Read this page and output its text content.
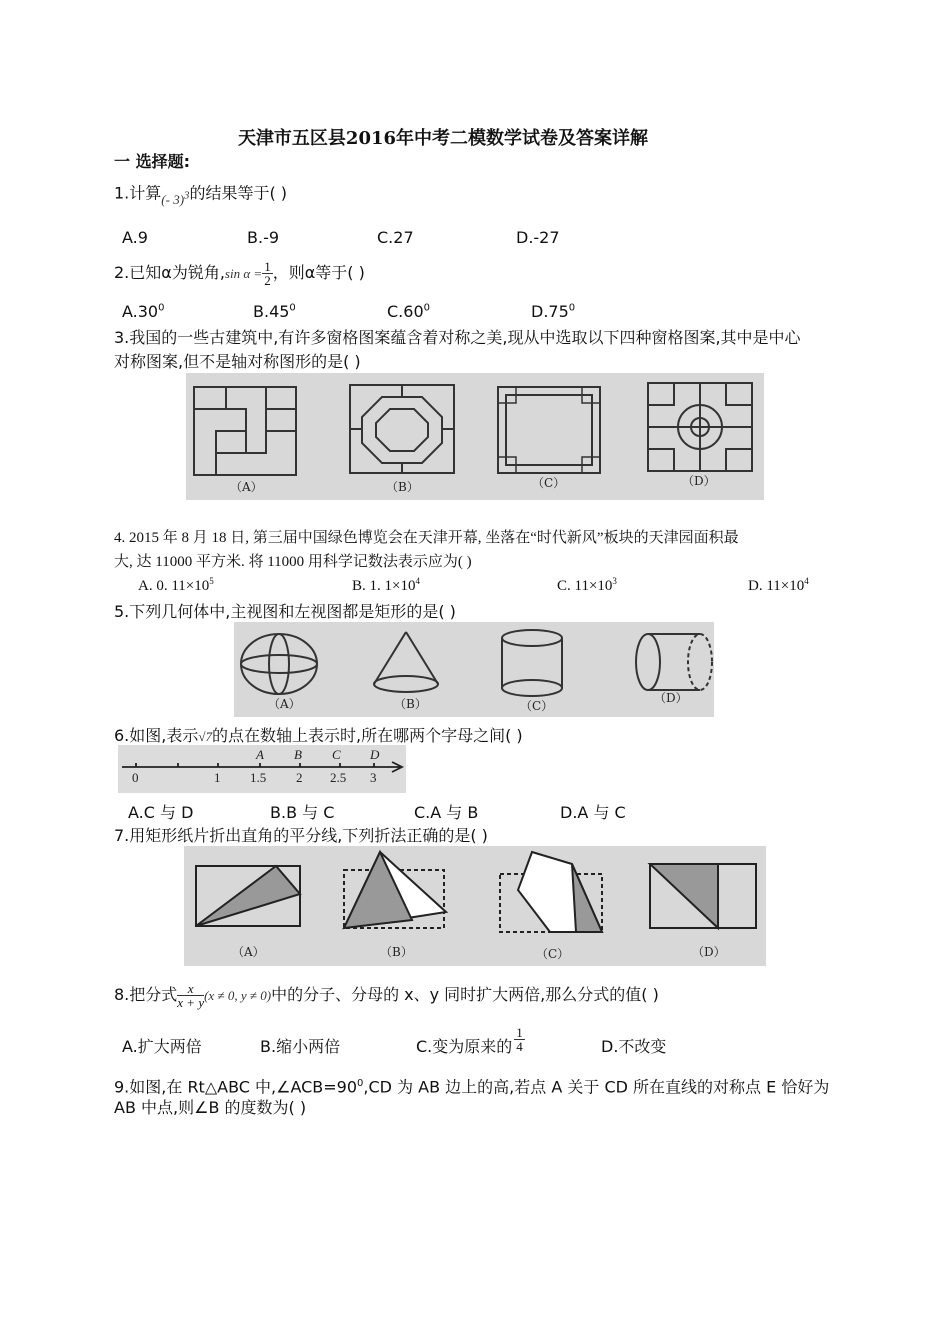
天津市五区县2016年中考二模数学试卷及答案详解
一 选择题:
1.计算$_{(- 3)^3}$的结果等于( )
A.9	B.-9	C.27	D.-27
2.已知α为锐角,sin $\alpha = \frac{1}{2}$ ，则α等于( )
$A.30^0$	$B.45^0$	$C.60^0$	$D.75^0$
3.我国的一些古建筑中,有许多窗格图案蕴含着对称之美,现从中选取以下四种窗格图案,其中是中心
对称图案,但不是轴对称图形的是( )
（A）	（B）	（C）	（D）
4. 2015 年 8 月 18 日, 第三届中国绿色博览会在天津开幕, 坐落在“时代新风”板块的天津园面积最
大, 达 11000 平方米. 将 11000 用科学记数法表示应为( )
A. 0. $11\times 10^5$	B. 1. $1\times 10^4$	C. $11\times 10^3$	D. $11\times 10^4$
5.下列几何体中,主视图和左视图都是矩形的是( )
（A）	（B）	（C）
（D）
6.如图,表示√7的点在数轴上表示时,所在哪两个字母之间( )
0	1 1.5 2 2.5 3
A B C D
A.C 与 D	B.B 与 C	C.A 与 B	D.A 与 C
7.用矩形纸片折出直角的平分线,下列折法正确的是( )
（A）	（B）	（C）	（D）
8.把分式 $\frac{x}{x + y} (x \ne 0$, y ≠ 0)中的分子、分母的 x、y 同时扩大两倍,那么分式的值( )
A.扩大两倍	B.缩小两倍	C.变为原来的 $\frac{1}{4}$	D.不改变
9.如图,在 Rt△ABC 中$,\angle ACB=90^0,CD$ 为 AB 边上的高,若点 A 关于 CD 所在直线的对称点 E 恰好为
AB 中点,则∠B 的度数为( )
